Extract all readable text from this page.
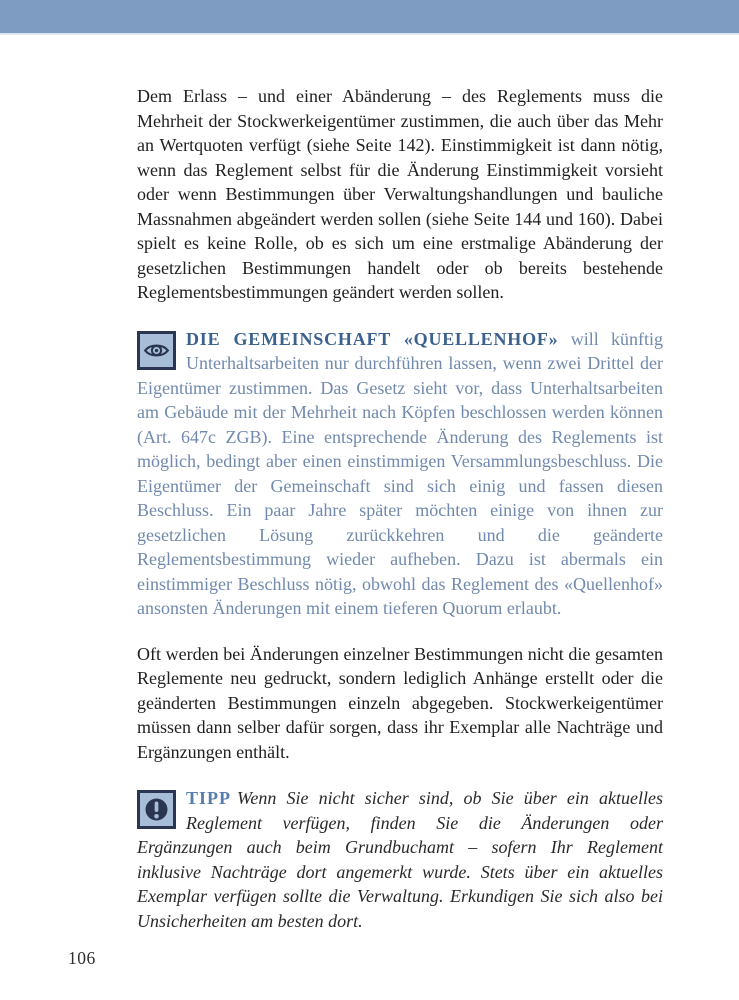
Dem Erlass – und einer Abänderung – des Reglements muss die Mehrheit der Stockwerkeigentümer zustimmen, die auch über das Mehr an Wertquoten verfügt (siehe Seite 142). Einstimmigkeit ist dann nötig, wenn das Reglement selbst für die Änderung Einstimmigkeit vorsieht oder wenn Bestimmungen über Verwaltungshandlungen und bauliche Massnahmen abgeändert werden sollen (siehe Seite 144 und 160). Dabei spielt es keine Rolle, ob es sich um eine erstmalige Abänderung der gesetzlichen Bestimmungen handelt oder ob bereits bestehende Reglementsbestimmungen geändert werden sollen.

DIE GEMEINSCHAFT «QUELLENHOF» will künftig Unterhaltsarbeiten nur durchführen lassen, wenn zwei Drittel der Eigentümer zustimmen. Das Gesetz sieht vor, dass Unterhaltsarbeiten am Gebäude mit der Mehrheit nach Köpfen beschlossen werden können (Art. 647c ZGB). Eine entsprechende Änderung des Reglements ist möglich, bedingt aber einen einstimmigen Versammlungsbeschluss. Die Eigentümer der Gemeinschaft sind sich einig und fassen diesen Beschluss. Ein paar Jahre später möchten einige von ihnen zur gesetzlichen Lösung zurückkehren und die geänderte Reglementsbestimmung wieder aufheben. Dazu ist abermals ein einstimmiger Beschluss nötig, obwohl das Reglement des «Quellenhof» ansonsten Änderungen mit einem tieferen Quorum erlaubt.

Oft werden bei Änderungen einzelner Bestimmungen nicht die gesamten Reglemente neu gedruckt, sondern lediglich Anhänge erstellt oder die geänderten Bestimmungen einzeln abgegeben. Stockwerkeigentümer müssen dann selber dafür sorgen, dass ihr Exemplar alle Nachträge und Ergänzungen enthält.

TIPP Wenn Sie nicht sicher sind, ob Sie über ein aktuelles Reglement verfügen, finden Sie die Änderungen oder Ergänzungen auch beim Grundbuchamt – sofern Ihr Reglement inklusive Nachträge dort angemerkt wurde. Stets über ein aktuelles Exemplar verfügen sollte die Verwaltung. Erkundigen Sie sich also bei Unsicherheiten am besten dort.

106
